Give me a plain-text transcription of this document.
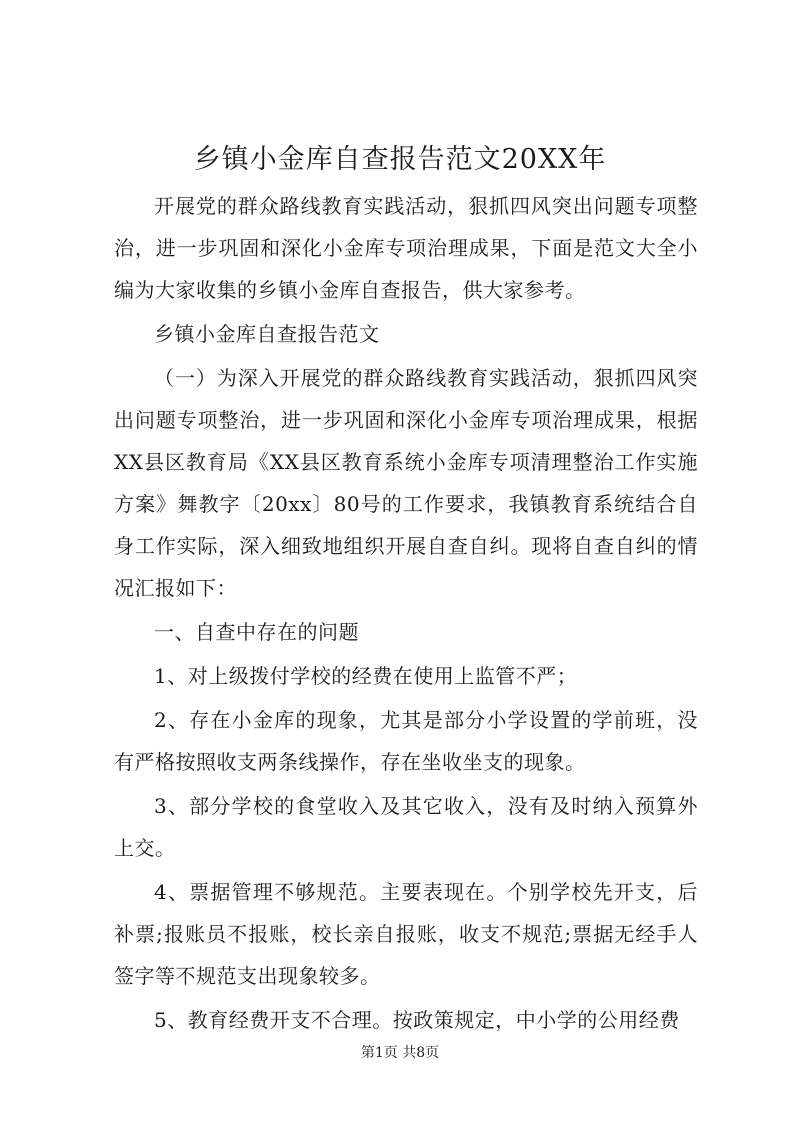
乡镇小金库自查报告范文20XX年

开展党的群众路线教育实践活动，狠抓四风突出问题专项整治，进一步巩固和深化小金库专项治理成果，下面是范文大全小编为大家收集的乡镇小金库自查报告，供大家参考。

乡镇小金库自查报告范文

（一）为深入开展党的群众路线教育实践活动，狠抓四风突出问题专项整治，进一步巩固和深化小金库专项治理成果，根据XX县区教育局《XX县区教育系统小金库专项清理整治工作实施方案》舞教字〔20xx〕80号的工作要求，我镇教育系统结合自身工作实际，深入细致地组织开展自查自纠。现将自查自纠的情况汇报如下：

一、自查中存在的问题

1、对上级拨付学校的经费在使用上监管不严；

2、存在小金库的现象，尤其是部分小学设置的学前班，没有严格按照收支两条线操作，存在坐收坐支的现象。

3、部分学校的食堂收入及其它收入，没有及时纳入预算外上交。

4、票据管理不够规范。主要表现在。个别学校先开支，后补票;报账员不报账，校长亲自报账，收支不规范;票据无经手人签字等不规范支出现象较多。

5、教育经费开支不合理。按政策规定，中小学的公用经费

第1页 共8页
